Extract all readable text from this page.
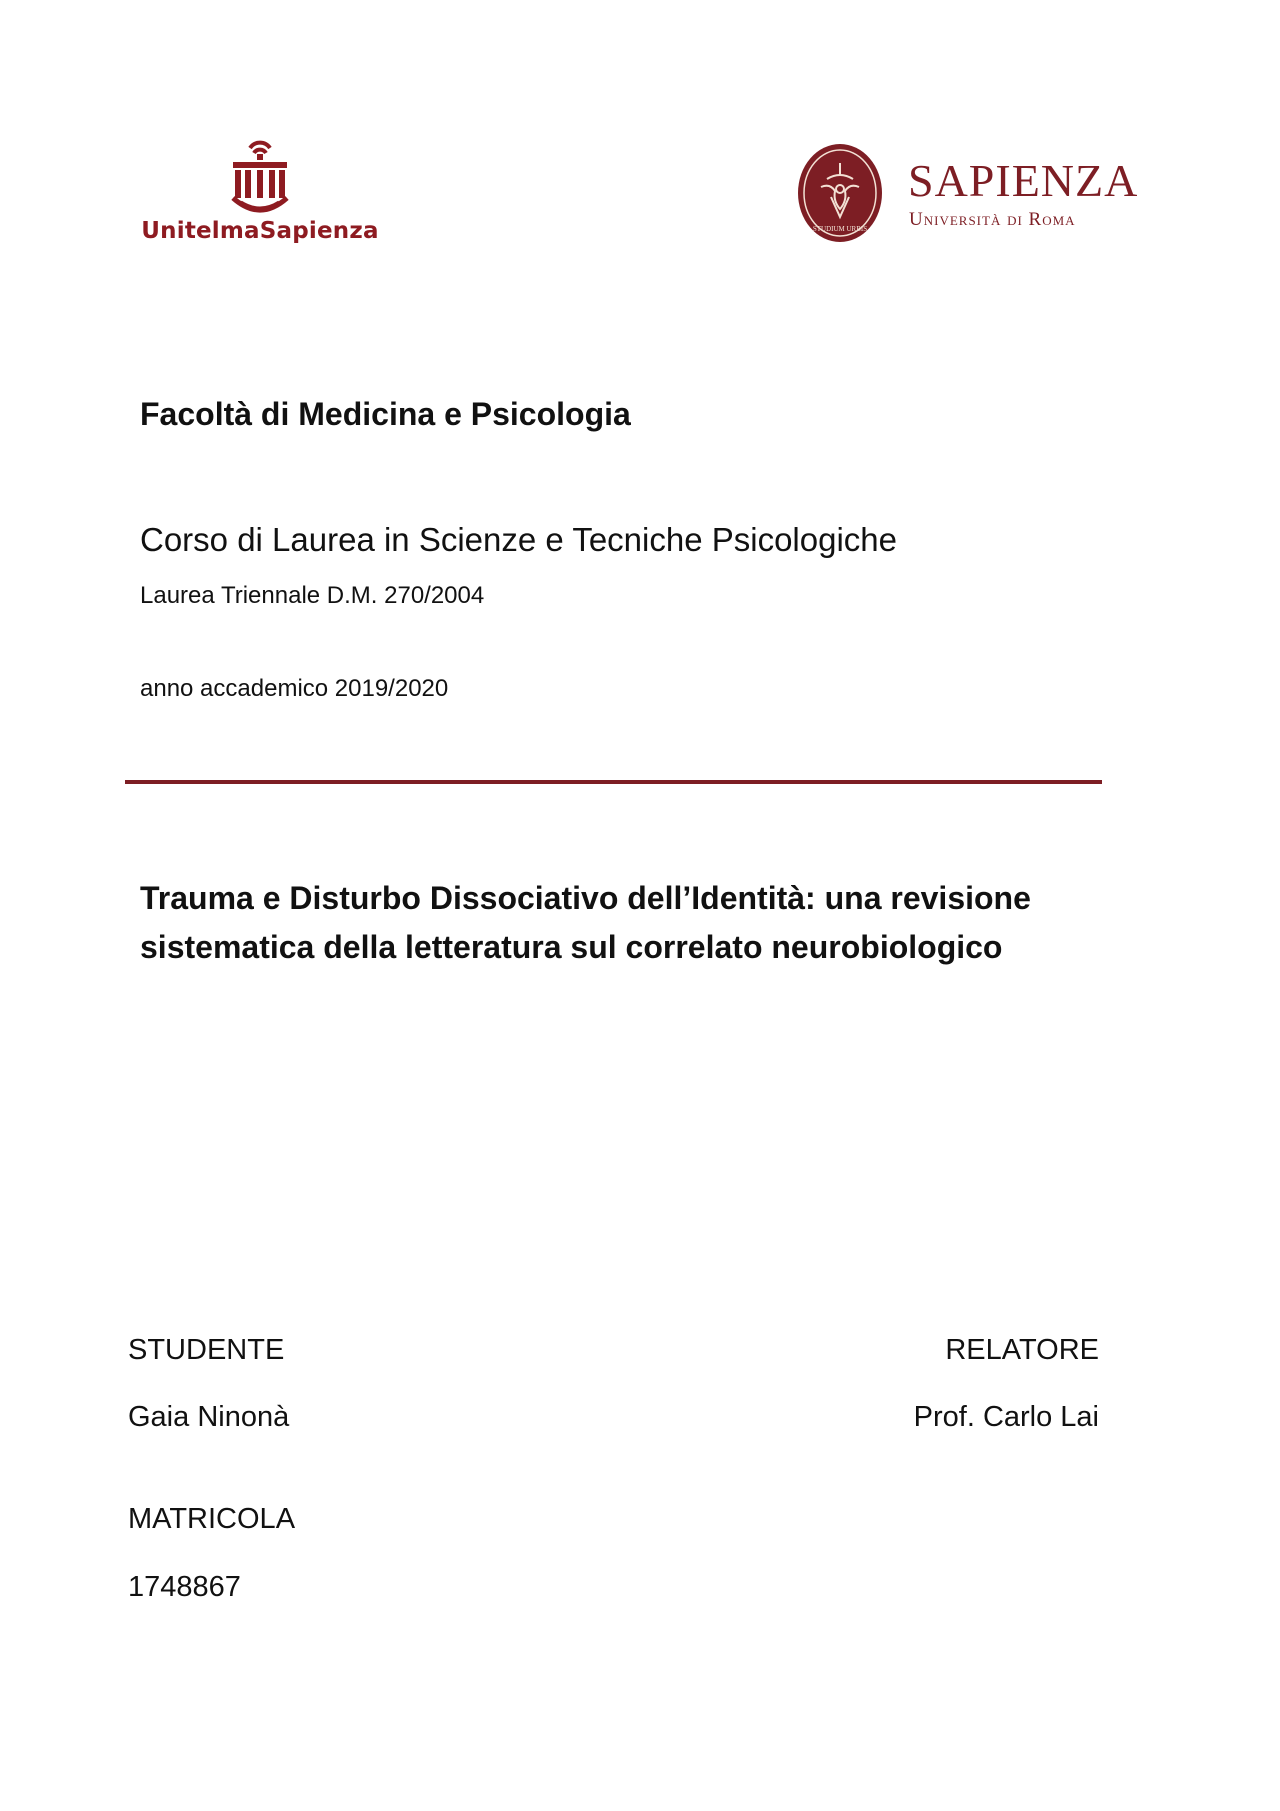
UnitelmaSapienza	STUDIUM URBIS
SAPIENZA
Università di Roma
Facoltà di Medicina e Psicologia
Corso di Laurea in Scienze e Tecniche Psicologiche
Laurea Triennale D.M. 270/2004
anno accademico 2019/2020
Trauma e Disturbo Dissociativo dell’Identità: una revisione sistematica della letteratura sul correlato neurobiologico
STUDENTE
Gaia Ninonà
MATRICOLA
1748867
RELATORE
Prof. Carlo Lai
